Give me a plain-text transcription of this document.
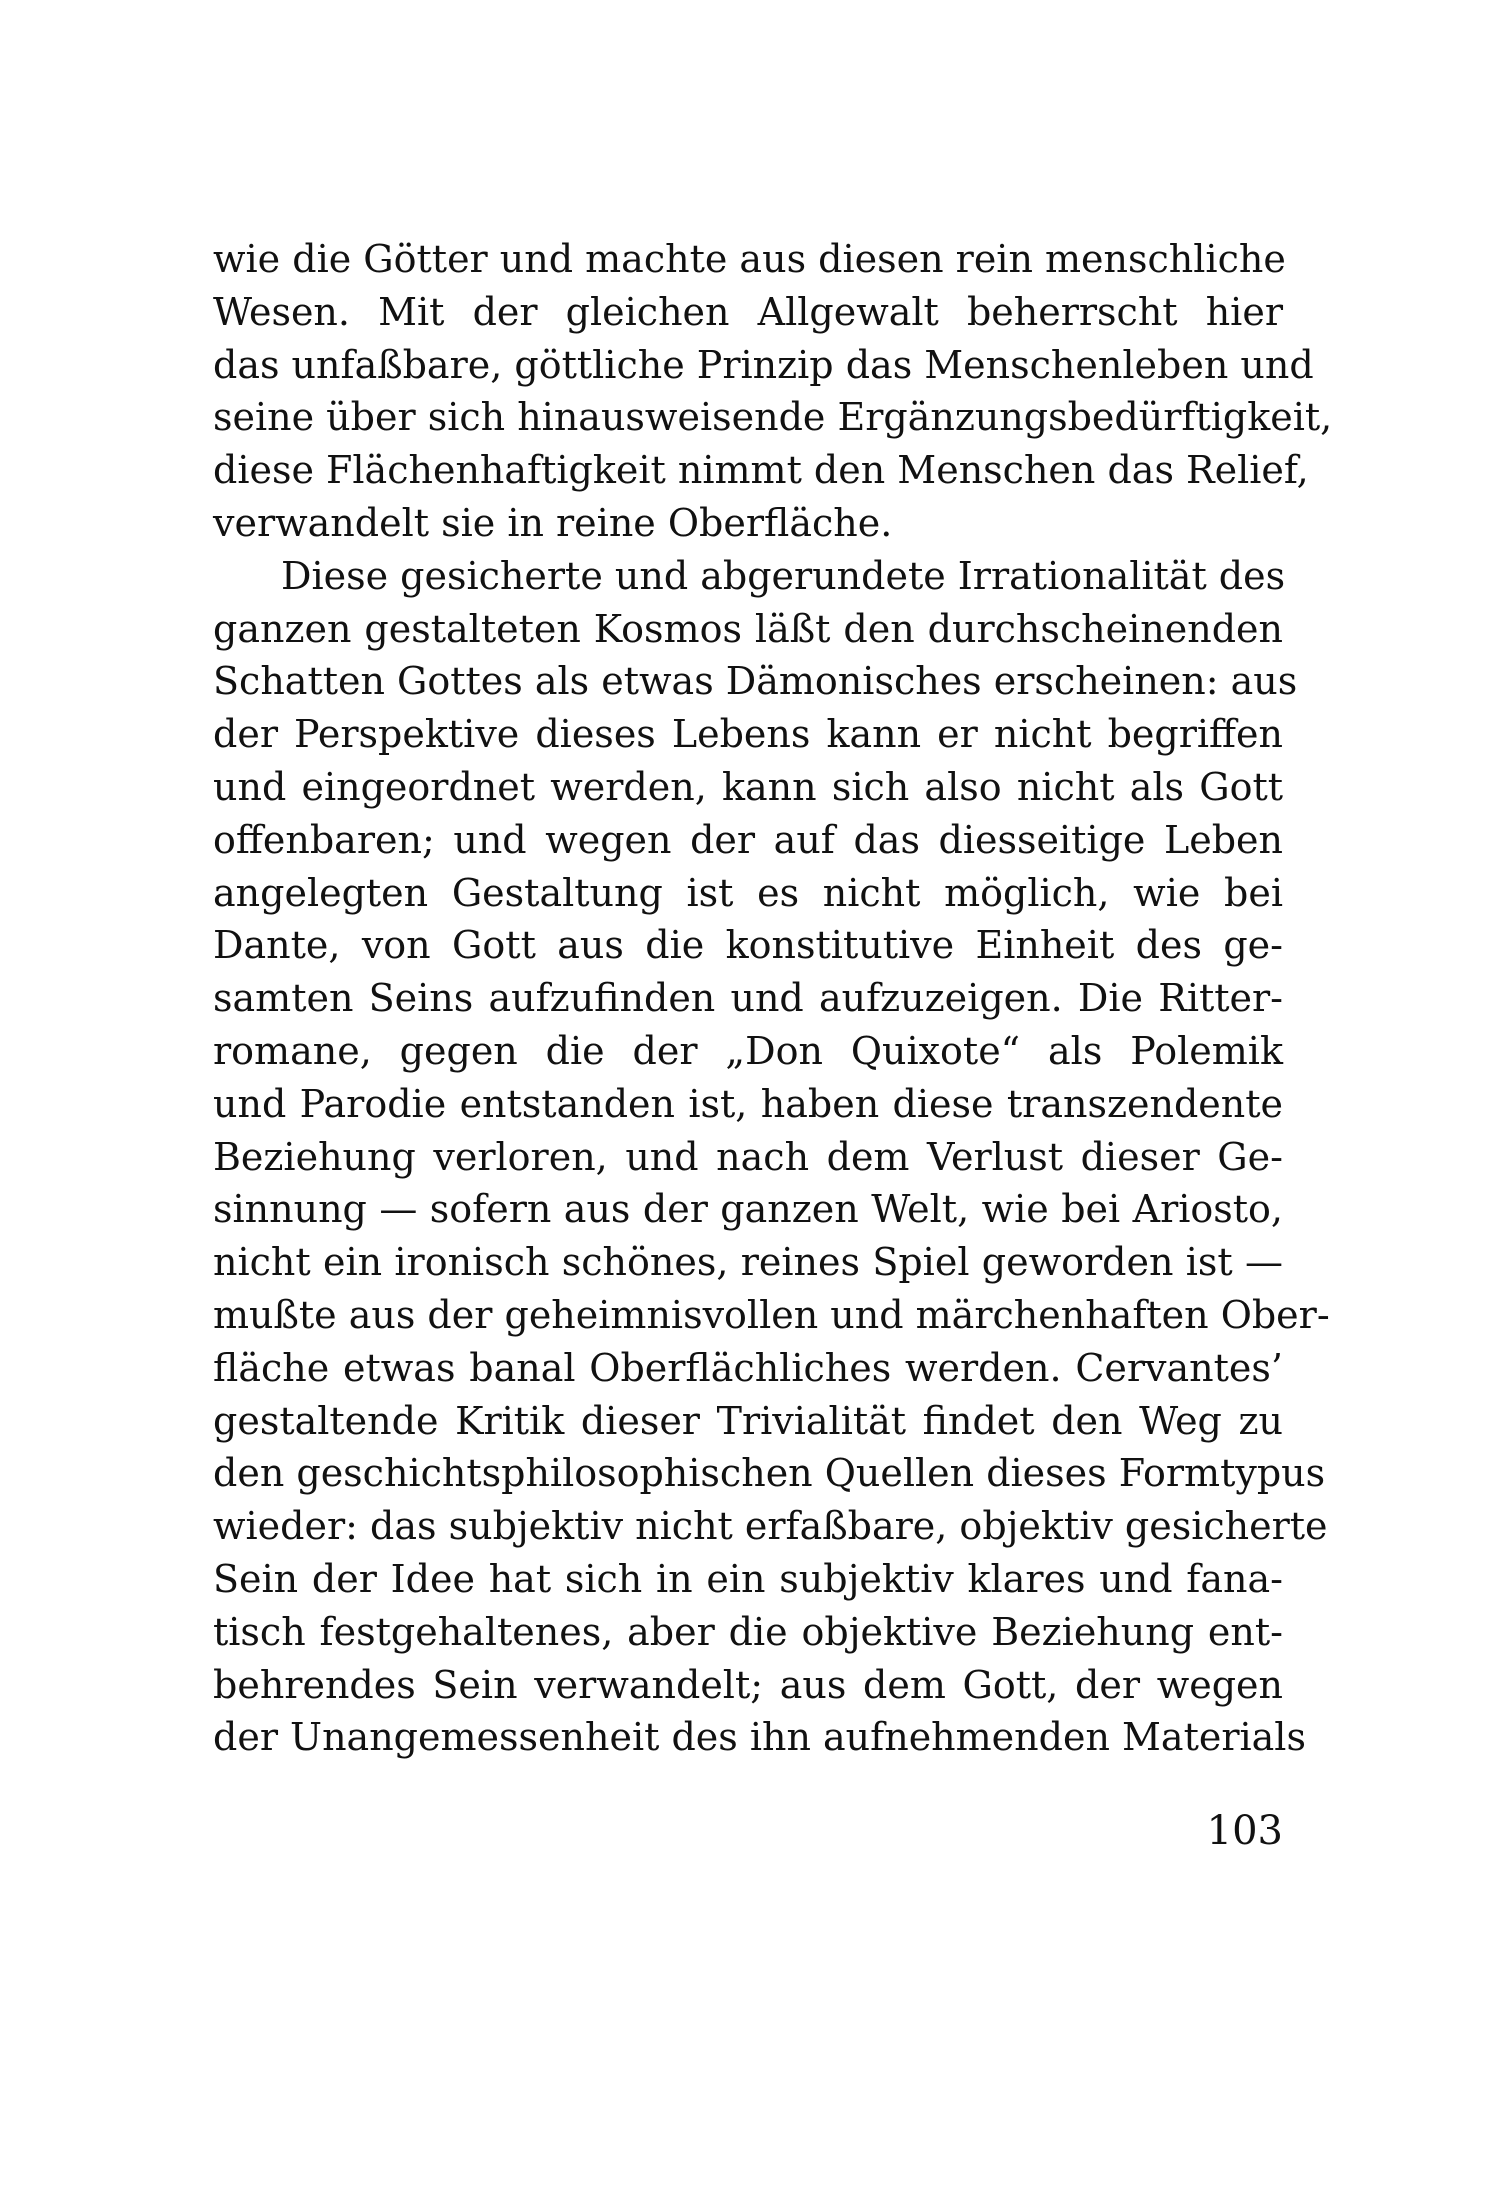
wie die Götter und machte aus diesen rein menschliche
Wesen. Mit der gleichen Allgewalt beherrscht hier
das unfaßbare, göttliche Prinzip das Menschenleben und
seine über sich hinausweisende Ergänzungsbedürftigkeit,
diese Flächenhaftigkeit nimmt den Menschen das Relief,
verwandelt sie in reine Oberfläche.
Diese gesicherte und abgerundete Irrationalität des
ganzen gestalteten Kosmos läßt den durchscheinenden
Schatten Gottes als etwas Dämonisches erscheinen: aus
der Perspektive dieses Lebens kann er nicht begriffen
und eingeordnet werden, kann sich also nicht als Gott
offenbaren; und wegen der auf das diesseitige Leben
angelegten Gestaltung ist es nicht möglich, wie bei
Dante, von Gott aus die konstitutive Einheit des ge-
samten Seins aufzufinden und aufzuzeigen. Die Ritter-
romane, gegen die der „Don Quixote“ als Polemik
und Parodie entstanden ist, haben diese transzendente
Beziehung verloren, und nach dem Verlust dieser Ge-
sinnung — sofern aus der ganzen Welt, wie bei Ariosto,
nicht ein ironisch schönes, reines Spiel geworden ist —
mußte aus der geheimnisvollen und märchenhaften Ober-
fläche etwas banal Oberflächliches werden. Cervantes’
gestaltende Kritik dieser Trivialität findet den Weg zu
den geschichtsphilosophischen Quellen dieses Formtypus
wieder: das subjektiv nicht erfaßbare, objektiv gesicherte
Sein der Idee hat sich in ein subjektiv klares und fana-
tisch festgehaltenes, aber die objektive Beziehung ent-
behrendes Sein verwandelt; aus dem Gott, der wegen
der Unangemessenheit des ihn aufnehmenden Materials
103
